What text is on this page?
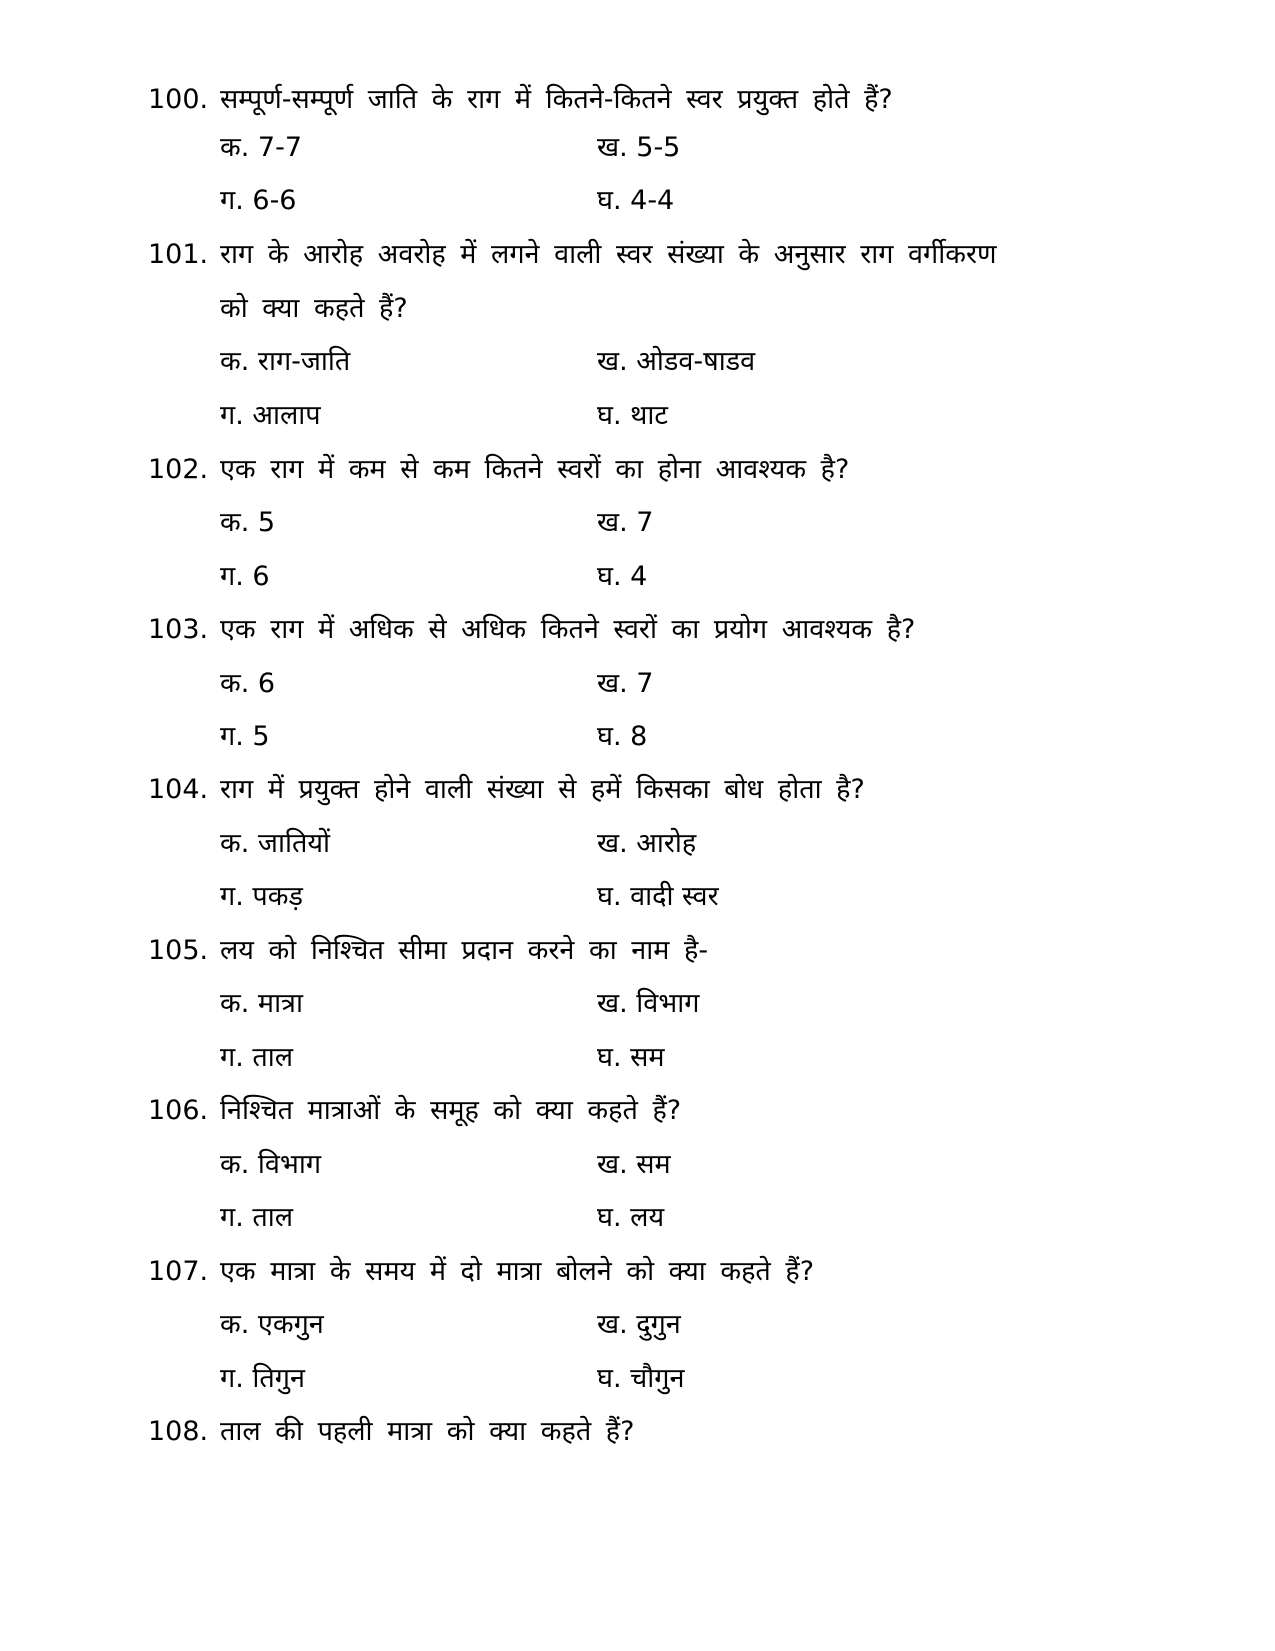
100. सम्पूर्ण-सम्पूर्ण जाति के राग में कितने-कितने स्वर प्रयुक्त होते हैं?
क. 7-7	ख. 5-5
ग. 6-6	घ. 4-4
101. राग के आरोह अवरोह में लगने वाली स्वर संख्या के अनुसार राग वर्गीकरण
को क्या कहते हैं?
क. राग-जाति	ख. ओडव-षाडव
ग. आलाप	घ. थाट
102. एक राग में कम से कम कितने स्वरों का होना आवश्यक है?
क. 5	ख. 7
ग. 6	घ. 4
103. एक राग में अधिक से अधिक कितने स्वरों का प्रयोग आवश्यक है?
क. 6	ख. 7
ग. 5	घ. 8
104. राग में प्रयुक्त होने वाली संख्या से हमें किसका बोध होता है?
क. जातियों	ख. आरोह
ग. पकड़	घ. वादी स्वर
105. लय को निश्चित सीमा प्रदान करने का नाम है-
क. मात्रा	ख. विभाग
ग. ताल	घ. सम
106. निश्चित मात्राओं के समूह को क्या कहते हैं?
क. विभाग	ख. सम
ग. ताल	घ. लय
107. एक मात्रा के समय में दो मात्रा बोलने को क्या कहते हैं?
क. एकगुन	ख. दुगुन
ग. तिगुन	घ. चौगुन
108. ताल की पहली मात्रा को क्या कहते हैं?
